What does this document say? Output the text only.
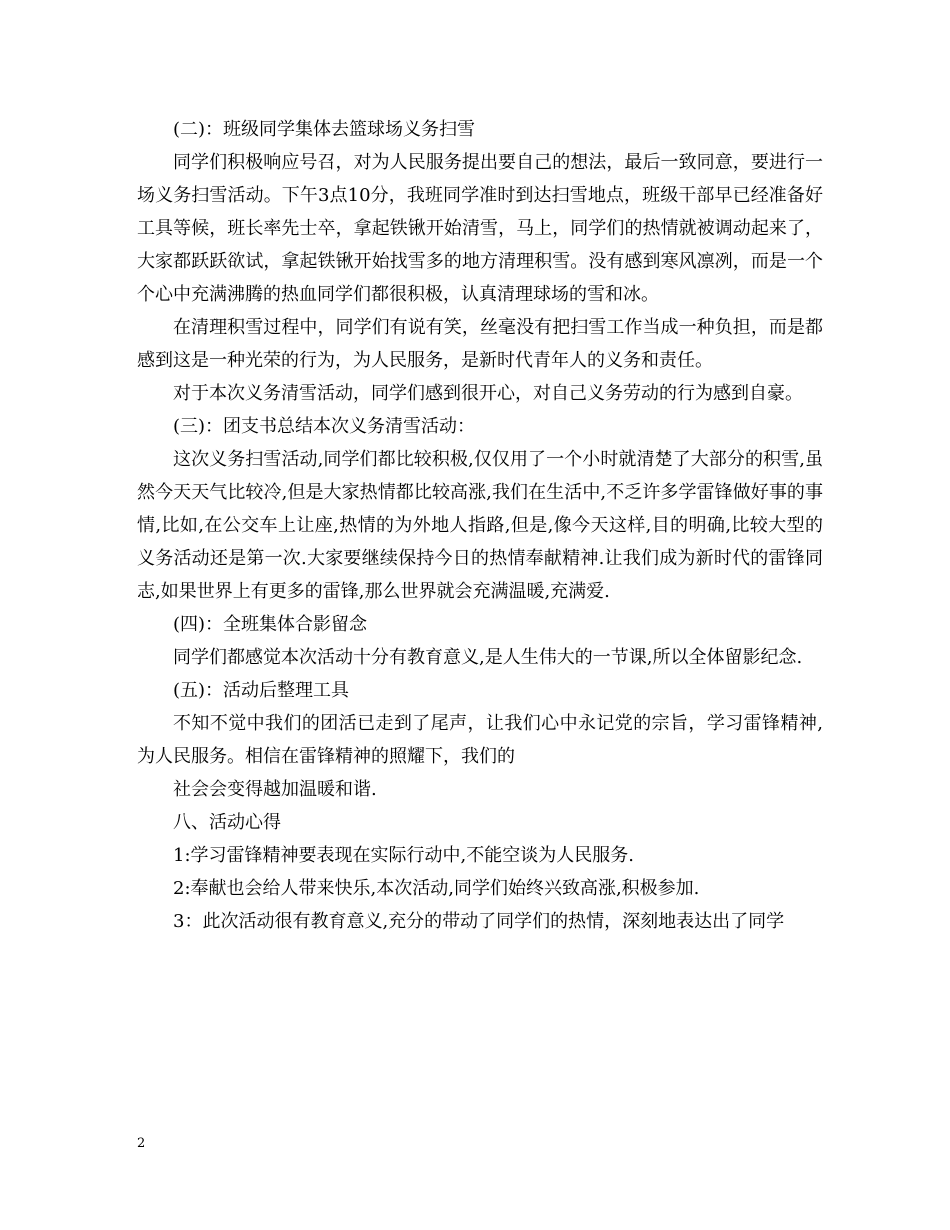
(二)：班级同学集体去篮球场义务扫雪

同学们积极响应号召，对为人民服务提出要自己的想法，最后一致同意，要进行一场义务扫雪活动。下午3点10分，我班同学准时到达扫雪地点，班级干部早已经准备好工具等候，班长率先士卒，拿起铁锹开始清雪，马上，同学们的热情就被调动起来了，大家都跃跃欲试，拿起铁锹开始找雪多的地方清理积雪。没有感到寒风凛冽，而是一个个心中充满沸腾的热血同学们都很积极，认真清理球场的雪和冰。

在清理积雪过程中，同学们有说有笑，丝毫没有把扫雪工作当成一种负担，而是都感到这是一种光荣的行为，为人民服务，是新时代青年人的义务和责任。

对于本次义务清雪活动，同学们感到很开心，对自己义务劳动的行为感到自豪。

(三)：团支书总结本次义务清雪活动：

这次义务扫雪活动,同学们都比较积极,仅仅用了一个小时就清楚了大部分的积雪,虽然今天天气比较冷,但是大家热情都比较高涨,我们在生活中,不乏许多学雷锋做好事的事情,比如,在公交车上让座,热情的为外地人指路,但是,像今天这样,目的明确,比较大型的义务活动还是第一次.大家要继续保持今日的热情奉献精神.让我们成为新时代的雷锋同志,如果世界上有更多的雷锋,那么世界就会充满温暖,充满爱.

(四)：全班集体合影留念

同学们都感觉本次活动十分有教育意义,是人生伟大的一节课,所以全体留影纪念.

(五)：活动后整理工具

不知不觉中我们的团活已走到了尾声，让我们心中永记党的宗旨，学习雷锋精神,为人民服务。相信在雷锋精神的照耀下，我们的

社会会变得越加温暖和谐.

八、活动心得

1:学习雷锋精神要表现在实际行动中,不能空谈为人民服务.

2:奉献也会给人带来快乐,本次活动,同学们始终兴致高涨,积极参加.

3：此次活动很有教育意义,充分的带动了同学们的热情，深刻地表达出了同学

2
